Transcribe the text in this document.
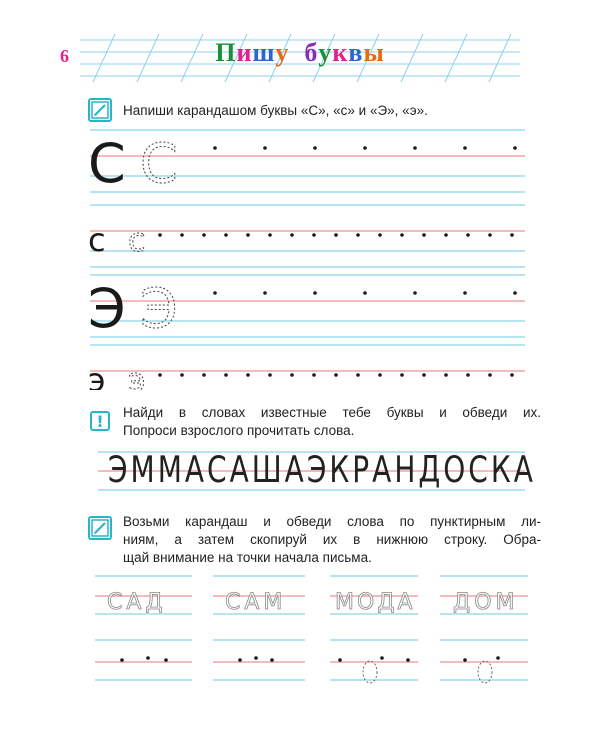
6	Пишу буквы
Напиши карандашом буквы «С», «с» и «Э», «э».
С С
с с
Э Э
э э
!	Найди в словах известные тебе буквы и обведи их.
Попроси взрослого прочитать слова.
ЭММА САША ЭКРАН ДОСКА
Возьми карандаш и обведи слова по пунктирным ли-
ниям, а затем скопируй их в нижнюю строку. Обра-
щай внимание на точки начала письма.
САД	САМ МОДА ДОМ
